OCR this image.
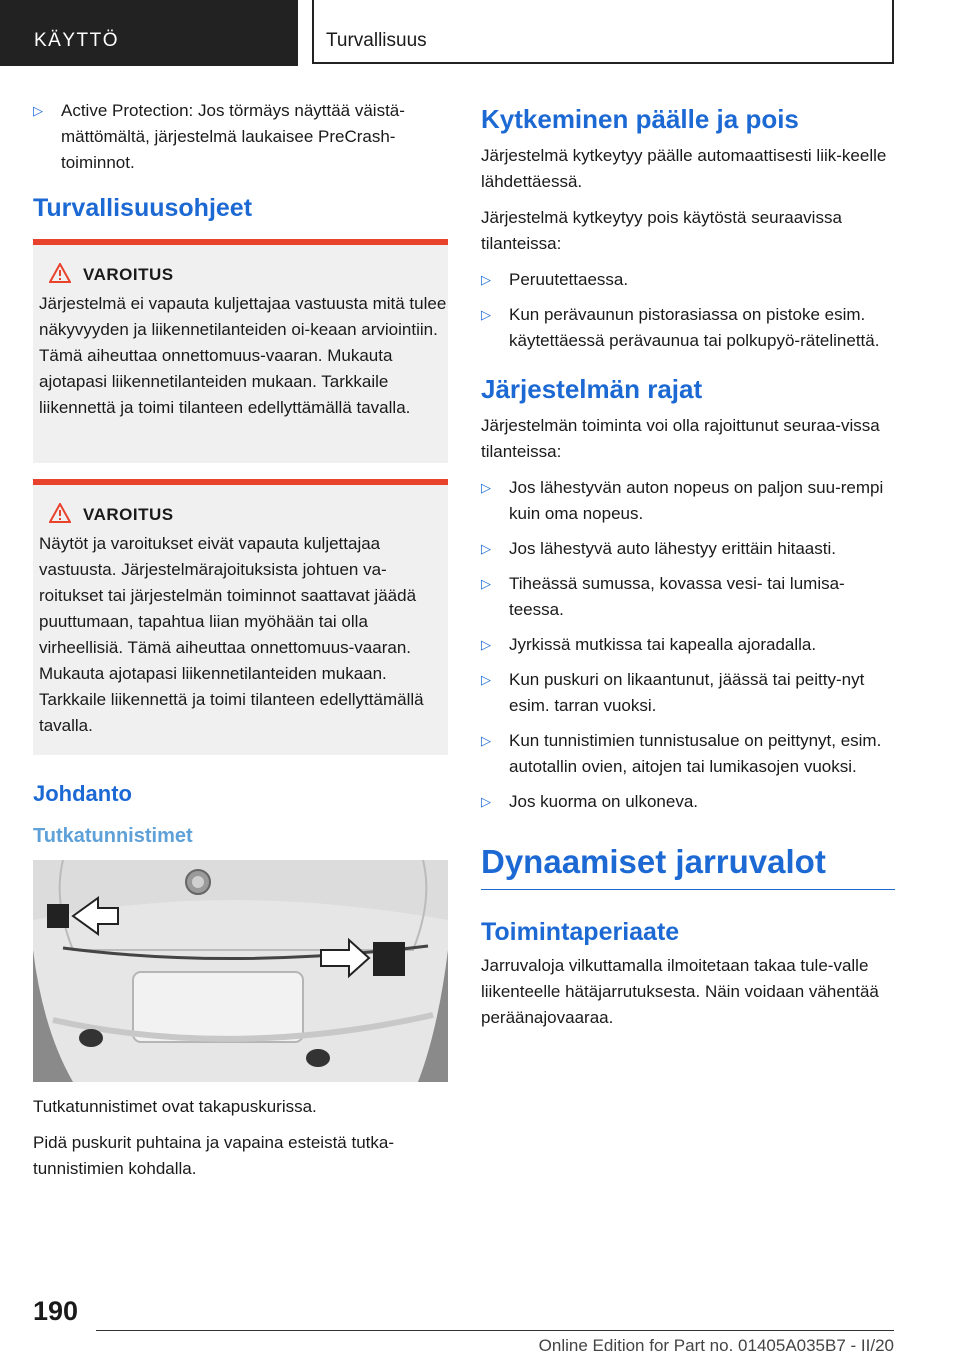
KÄYTTÖ	Turvallisuus
▷ Active Protection: Jos törmäys näyttää väistä-mättömältä, järjestelmä laukaisee PreCrash-toiminnot.
Turvallisuusohjeet
VAROITUS

Järjestelmä ei vapauta kuljettajaa vastuusta mitä tulee näkyvyyden ja liikennetilanteiden oi-keaan arviointiin. Tämä aiheuttaa onnettomuus-vaaran. Mukauta ajotapasi liikennetilanteiden mukaan. Tarkkaile liikennettä ja toimi tilanteen edellyttämällä tavalla.

VAROITUS

Näytöt ja varoitukset eivät vapauta kuljettajaa vastuusta. Järjestelmärajoituksista johtuen va-roitukset tai järjestelmän toiminnot saattavat jäädä puuttumaan, tapahtua liian myöhään tai olla virheellisiä. Tämä aiheuttaa onnettomuus-vaaran. Mukauta ajotapasi liikennetilanteiden mukaan. Tarkkaile liikennettä ja toimi tilanteen edellyttämällä tavalla.

Johdanto
Tutkatunnistimet

Tutkatunnistimet ovat takapuskurissa.

Pidä puskurit puhtaina ja vapaina esteistä tutka-tunnistimien kohdalla.

Kytkeminen päälle ja pois

Järjestelmä kytkeytyy päälle automaattisesti liik-keelle lähdettäessä.

Järjestelmä kytkeytyy pois käytöstä seuraavissa tilanteissa:

▷ Peruutettaessa.
▷ Kun perävaunun pistorasiassa on pistoke esim. käytettäessä perävaunua tai polkupyö-rätelinettä.
Järjestelmän rajat

Järjestelmän toiminta voi olla rajoittunut seuraa-vissa tilanteissa:

▷ Jos lähestyvän auton nopeus on paljon suu-rempi kuin oma nopeus.
▷ Jos lähestyvä auto lähestyy erittäin hitaasti.
▷ Tiheässä sumussa, kovassa vesi- tai lumisa-teessa.
▷ Jyrkissä mutkissa tai kapealla ajoradalla.
▷ Kun puskuri on likaantunut, jäässä tai peitty-nyt esim. tarran vuoksi.
▷ Kun tunnistimien tunnistusalue on peittynyt, esim. autotallin ovien, aitojen tai lumikasojen vuoksi.
▷ Jos kuorma on ulkoneva.
Dynaamiset jarruvalot
Toimintaperiaate

Jarruvaloja vilkuttamalla ilmoitetaan takaa tule-valle liikenteelle hätäjarrutuksesta. Näin voidaan vähentää peräänajovaaraa.

190
Online Edition for Part no. 01405A035B7 - II/20
